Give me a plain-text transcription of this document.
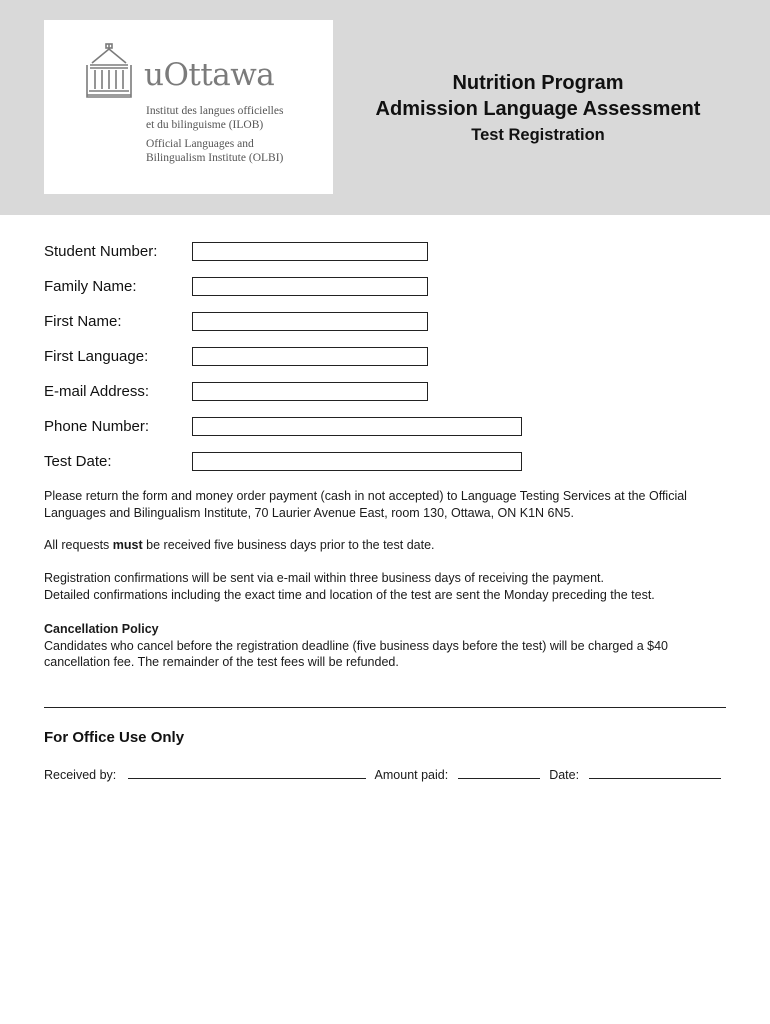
uOttawa
Institut des langues officielles
et du bilinguisme (ILOB)
Official Languages and
Bilingualism Institute (OLBI)
Nutrition Program
Admission Language Assessment
Test Registration
Student Number:
Family Name:
First Name:
First Language:
E-mail Address:
Phone Number:
Test Date:
Please return the form and money order payment (cash in not accepted) to Language Testing Services at the Official Languages and Bilingualism Institute, 70 Laurier Avenue East, room 130, Ottawa, ON K1N 6N5.
All requests must be received five business days prior to the test date.
Registration confirmations will be sent via e-mail within three business days of receiving the payment.
Detailed confirmations including the exact time and location of the test are sent the Monday preceding the test.
Cancellation Policy
Candidates who cancel before the registration deadline (five business days before the test) will be charged a $40 cancellation fee. The remainder of the test fees will be refunded.
For Office Use Only
Received by:	Amount paid:	Date:
